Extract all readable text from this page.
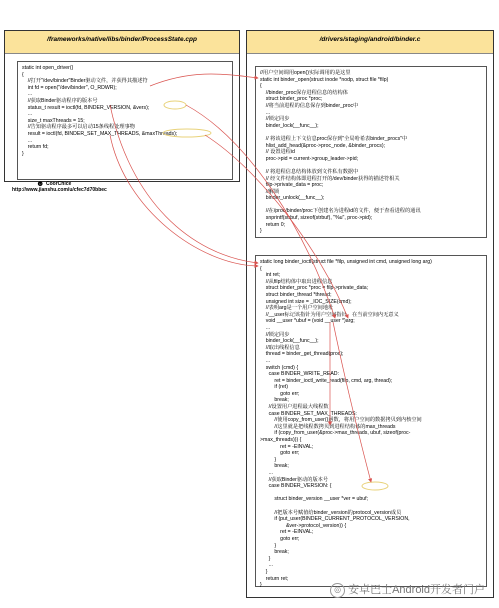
/frameworks/native/libs/binder/ProcessState.cpp
static int open_driver()
{
//打开"/dev/binder"Binder驱动文件，并获得其描述符
int fd = open("/dev/binder", O_RDWR);
...
//获取Binder驱动程序的版本号
status_t result = ioctl(fd, BINDER_VERSION, &vers);
...
size_t maxThreads = 15;
//告知驱动程序最多可以启动15条线程处理事物
result = ioctl(fd, BINDER_SET_MAX_THREADS, &maxThreads);
...
return fd;
}
☻ CoorChice
http://www.jianshu.com/u/cfec7d70bbec
/drivers/staging/android/binder.c
//用户空间调用open()实际调用的是这里
static int binder_open(struct inode *nodp, struct file *filp)
{
//binder_proc保存进程信息的结构体
struct binder_proc *proc;
//将当前进程的信息保存到binder_proc中
...
//锁定同步
binder_lock(__func__);
// 将该进程上下文信息proc保存到"全局哈希表binder_procs"中
hlist_add_head(&proc->proc_node, &binder_procs);
// 设置进程id
proc->pid = current->group_leader->pid;
// 将进程信息结构体放到文件私有数据中
// 经文件结构体即进程打开的/dev/binder获得的描述符相关
filp->private_data = proc;
//解锁
binder_unlock(__func__);
//在/proc/binder/proc下创建名为进程id的文件，便于查看进程的通讯
snprintf(strbuf, sizeof(strbuf), "%u", proc->pid);
return 0;
}
static long binder_ioctl(struct file *filp, unsigned int cmd, unsigned long arg)
{
int ret;
//从filp结构体中取出进程信息
struct binder_proc *proc = filp->private_data;
struct binder_thread *thread;
unsigned int size = _IOC_SIZE(cmd);
//表明arg是一个用户空间地址
//__user标记该指针为用户空间指针，在当前空间内无意义
void __user *ubuf = (void __user *)arg;
...
//锁定同步
binder_lock(__func__);
//取出线程信息
thread = binder_get_thread(proc);
...
switch (cmd) {
case BINDER_WRITE_READ:
ret = binder_ioctl_write_read(filp, cmd, arg, thread);
if (ret)
goto err;
break;
//设置用户进程最大线程数
case BINDER_SET_MAX_THREADS:
//使用copy_from_user()函数，将用户空间的数据拷贝到内核空间
//这里就是把线程数拷贝到进程结构体的max_threads
if (copy_from_user(&proc->max_threads, ubuf, sizeof(proc-
>max_threads))) {
ret = -EINVAL;
goto err;
}
break;
...
//获取Binder驱动的版本号
case BINDER_VERSION: {
struct binder_version __user *ver = ubuf;
//把版本号赋值给binder_version的protocol_version成员
if (put_user(BINDER_CURRENT_PROTOCOL_VERSION,
&ver->protocol_version)) {
ret = -EINVAL;
goto err;
}
break;
}
...
}
return ret;
}	◎ 安卓巴士Android开发者门户
